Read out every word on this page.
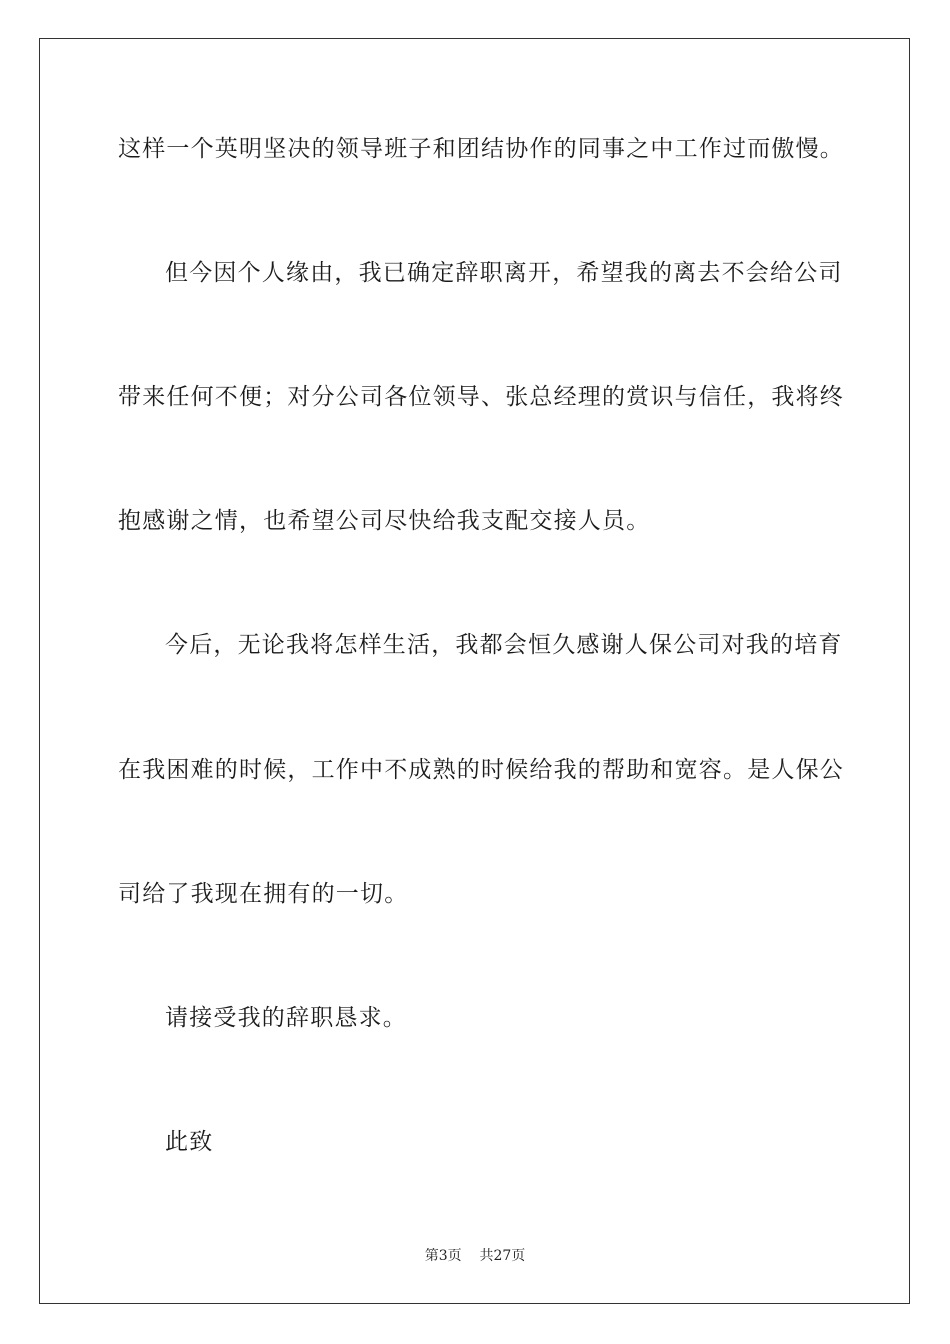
这样一个英明坚决的领导班子和团结协作的同事之中工作过而傲慢。
但今因个人缘由，我已确定辞职离开，希望我的离去不会给公司
带来任何不便；对分公司各位领导、张总经理的赏识与信任，我将终
抱感谢之情，也希望公司尽快给我支配交接人员。
今后，无论我将怎样生活，我都会恒久感谢人保公司对我的培育
在我困难的时候，工作中不成熟的时候给我的帮助和宽容。是人保公
司给了我现在拥有的一切。
请接受我的辞职恳求。
此致
第3页 共27页
